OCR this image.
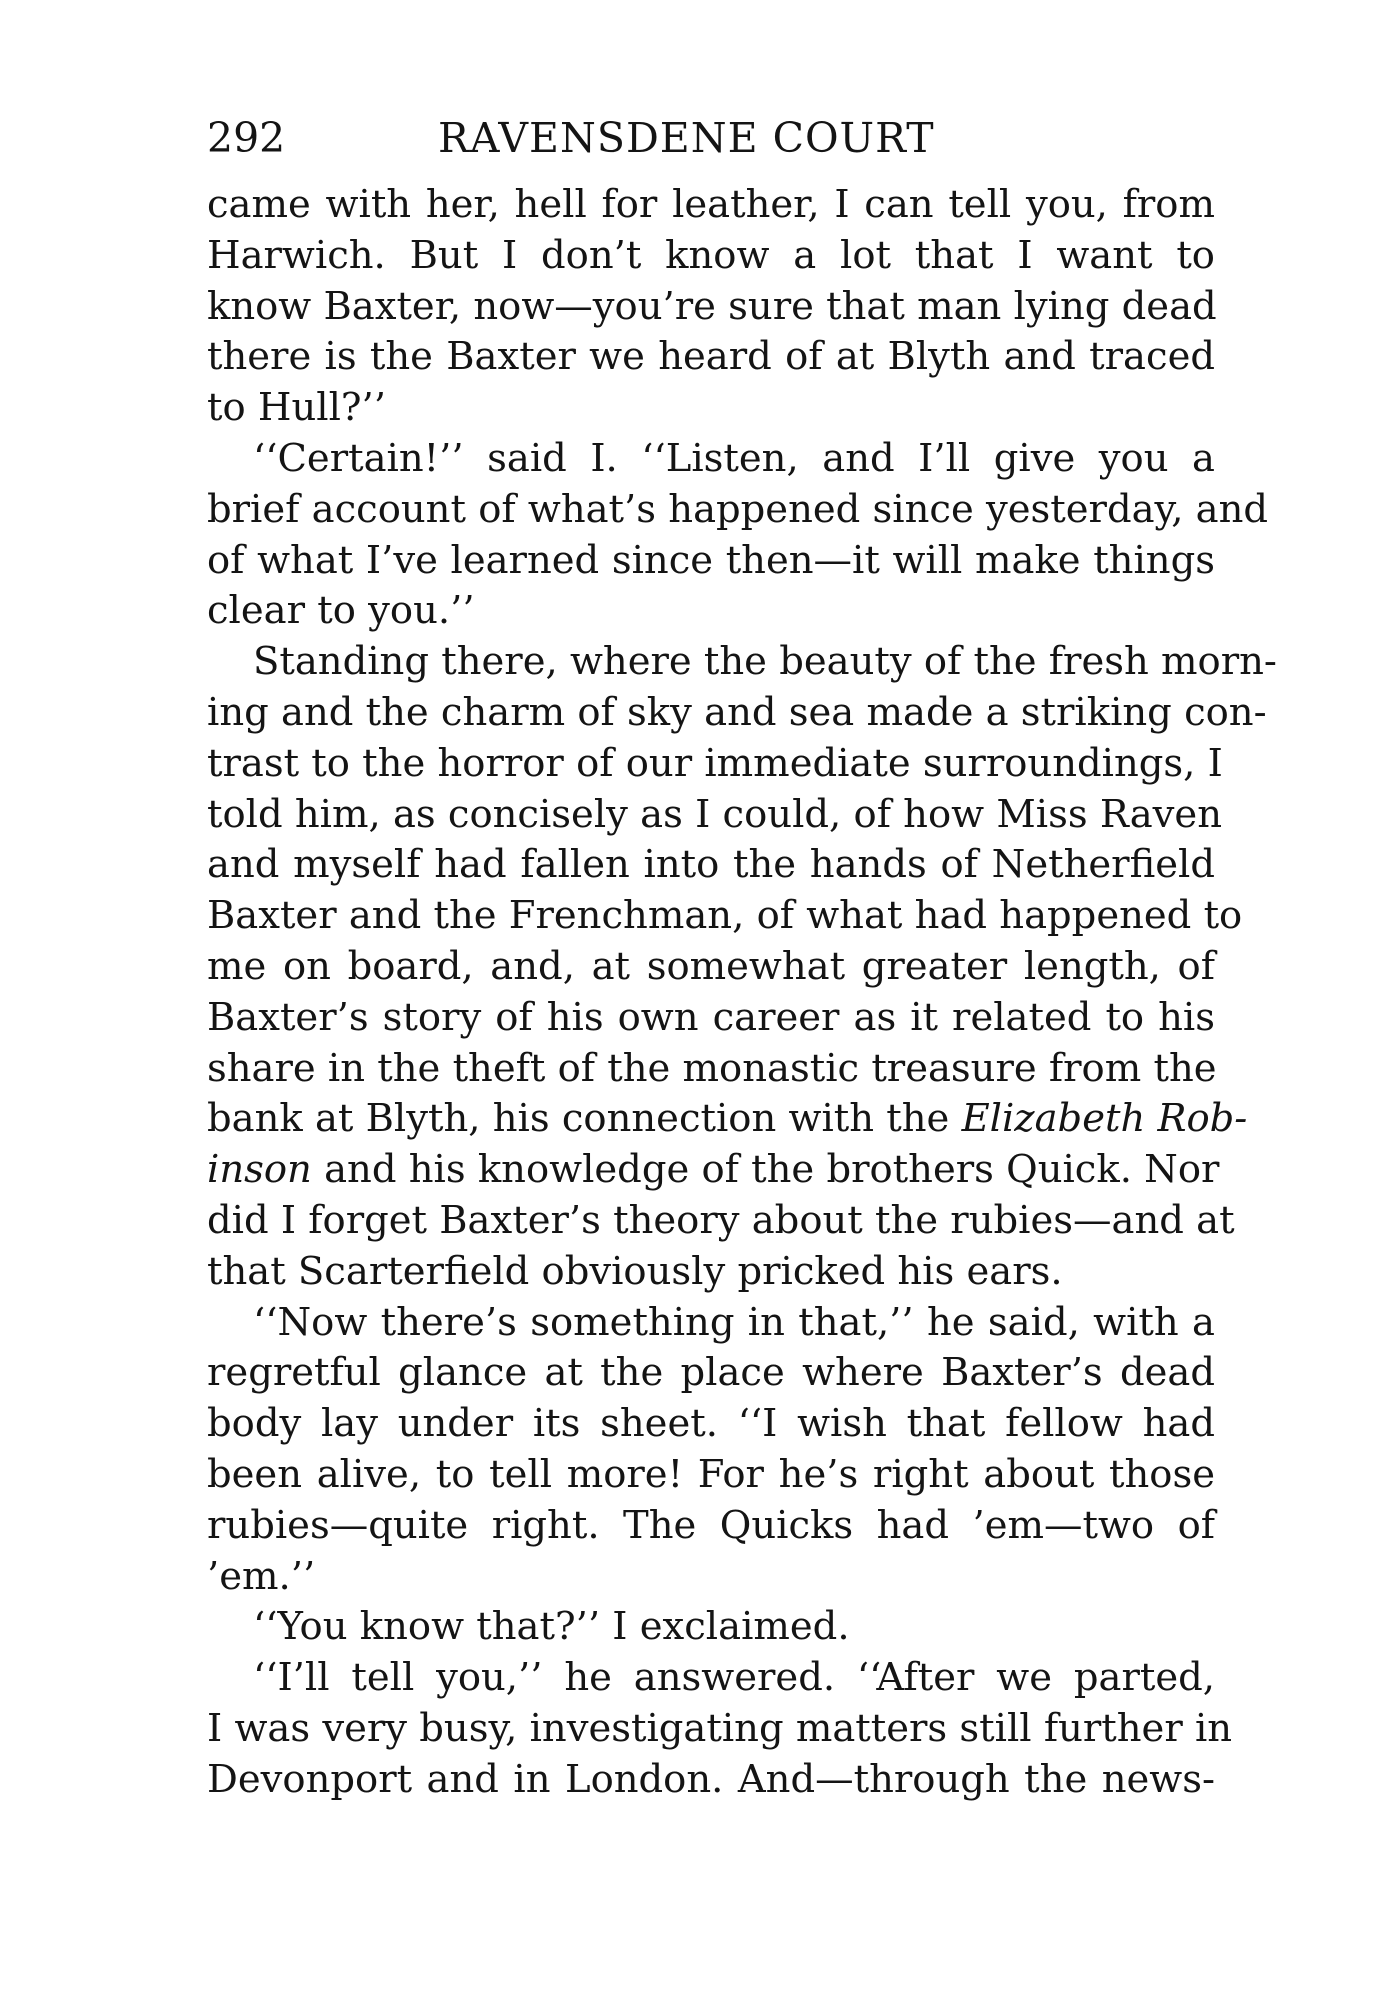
292	RAVENSDENE COURT
came with her, hell for leather, I can tell you, from
Harwich. But I don’t know a lot that I want to
know Baxter, now—you’re sure that man lying dead
there is the Baxter we heard of at Blyth and traced
to Hull?’’
‘‘Certain!’’ said I. ‘‘Listen, and I’ll give you a
brief account of what’s happened since yesterday, and
of what I’ve learned since then—it will make things
clear to you.’’
Standing there, where the beauty of the fresh morn-
ing and the charm of sky and sea made a striking con-
trast to the horror of our immediate surroundings, I
told him, as concisely as I could, of how Miss Raven
and myself had fallen into the hands of Netherfield
Baxter and the Frenchman, of what had happened to
me on board, and, at somewhat greater length, of
Baxter’s story of his own career as it related to his
share in the theft of the monastic treasure from the
bank at Blyth, his connection with the Elizabeth Rob-
inson and his knowledge of the brothers Quick. Nor
did I forget Baxter’s theory about the rubies—and at
that Scarterfield obviously pricked his ears.
‘‘Now there’s something in that,’’ he said, with a
regretful glance at the place where Baxter’s dead
body lay under its sheet. ‘‘I wish that fellow had
been alive, to tell more! For he’s right about those
rubies—quite right. The Quicks had ’em—two of
’em.’’
‘‘You know that?’’ I exclaimed.
‘‘I’ll tell you,’’ he answered. ‘‘After we parted,
I was very busy, investigating matters still further in
Devonport and in London. And—through the news-
